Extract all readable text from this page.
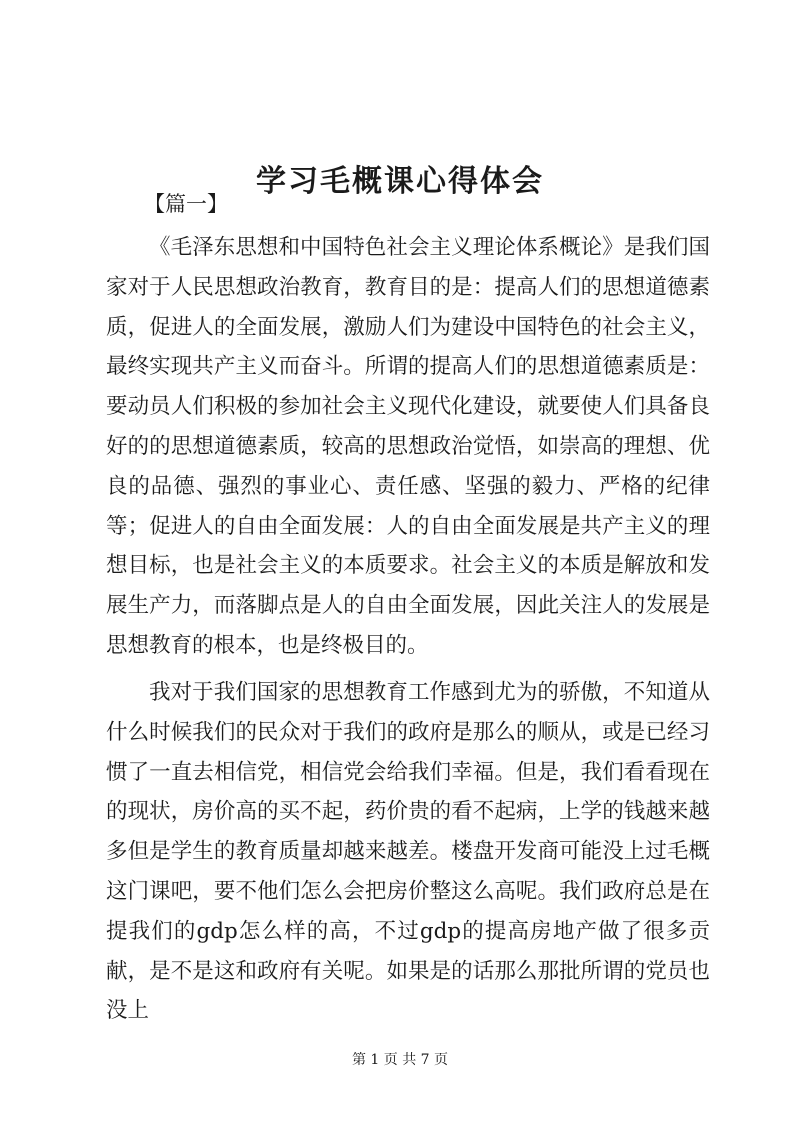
学习毛概课心得体会
【篇一】

《毛泽东思想和中国特色社会主义理论体系概论》是我们国家对于人民思想政治教育，教育目的是：提高人们的思想道德素质，促进人的全面发展，激励人们为建设中国特色的社会主义，最终实现共产主义而奋斗。所谓的提高人们的思想道德素质是：要动员人们积极的参加社会主义现代化建设，就要使人们具备良好的的思想道德素质，较高的思想政治觉悟，如崇高的理想、优良的品德、强烈的事业心、责任感、坚强的毅力、严格的纪律等；促进人的自由全面发展：人的自由全面发展是共产主义的理想目标，也是社会主义的本质要求。社会主义的本质是解放和发展生产力，而落脚点是人的自由全面发展，因此关注人的发展是思想教育的根本，也是终极目的。

我对于我们国家的思想教育工作感到尤为的骄傲，不知道从什么时候我们的民众对于我们的政府是那么的顺从，或是已经习惯了一直去相信党，相信党会给我们幸福。但是，我们看看现在的现状，房价高的买不起，药价贵的看不起病，上学的钱越来越多但是学生的教育质量却越来越差。楼盘开发商可能没上过毛概这门课吧，要不他们怎么会把房价整这么高呢。我们政府总是在提我们的gdp怎么样的高，不过gdp的提高房地产做了很多贡献，是不是这和政府有关呢。如果是的话那么那批所谓的党员也没上

第 1 页 共 7 页
